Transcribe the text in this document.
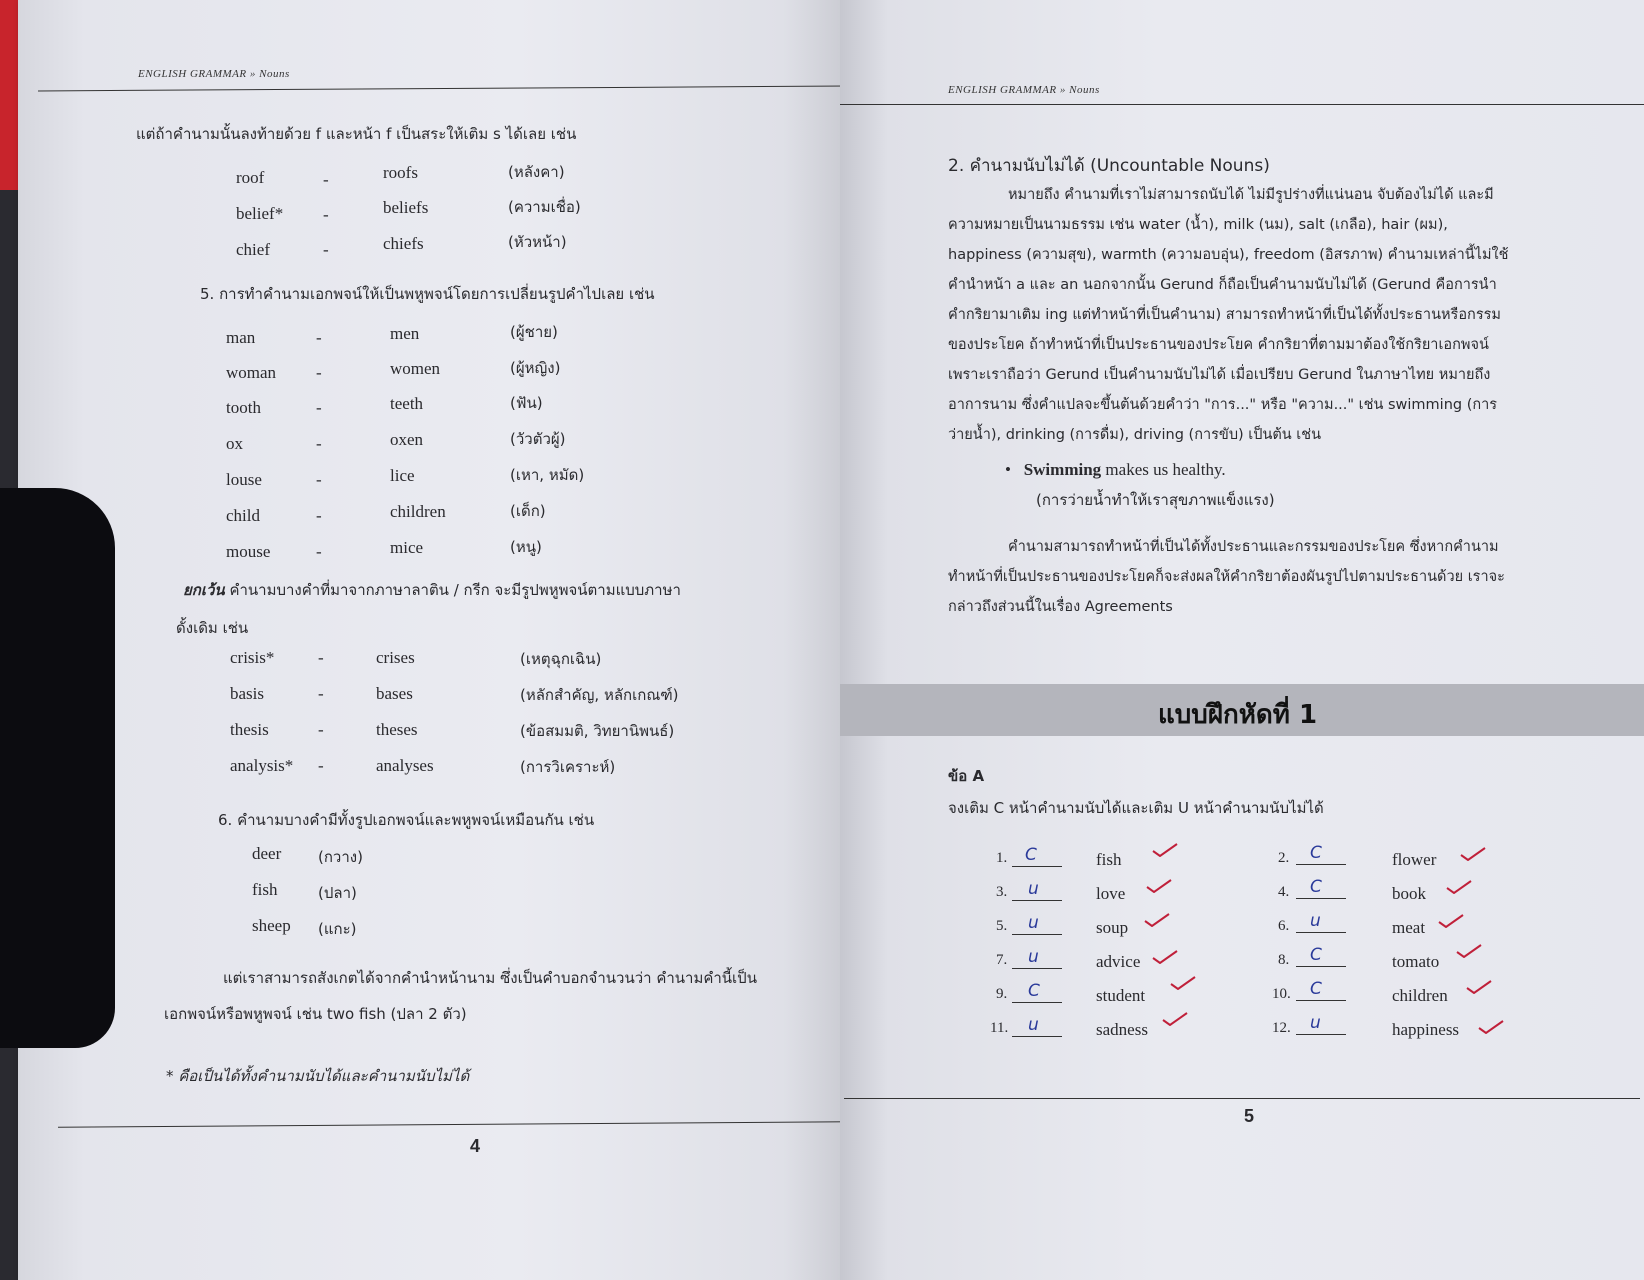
ENGLISH GRAMMAR » Nouns
แต่ถ้าคำนามนั้นลงท้ายด้วย f และหน้า f เป็นสระให้เติม s ได้เลย เช่น
roof	-	roofs	(หลังคา)
belief* -	beliefs	(ความเชื่อ)
chief	-	chiefs	(หัวหน้า)
5. การทำคำนามเอกพจน์ให้เป็นพหูพจน์โดยการเปลี่ยนรูปคำไปเลย เช่น
man	-	men	(ผู้ชาย)
woman -	women	(ผู้หญิง)
tooth	-	teeth	(ฟัน)
ox	-	oxen	(วัวตัวผู้)
louse	-	lice	(เหา, หมัด)
child	-	children	(เด็ก)
mouse	-	mice	(หนู)
ยกเว้น คำนามบางคำที่มาจากภาษาลาติน / กรีก จะมีรูปพหูพจน์ตามแบบภาษา
ดั้งเดิม เช่น
crisis*	-	crises	(เหตุฉุกเฉิน)
basis	-	bases	(หลักสำคัญ, หลักเกณฑ์)
thesis	-	theses	(ข้อสมมติ, วิทยานิพนธ์)
analysis* -	analyses	(การวิเคราะห์)
6. คำนามบางคำมีทั้งรูปเอกพจน์และพหูพจน์เหมือนกัน เช่น
deer (กวาง)
fish	(ปลา)
sheep (แกะ)
แต่เราสามารถสังเกตได้จากคำนำหน้านาม ซึ่งเป็นคำบอกจำนวนว่า คำนามคำนี้เป็น
เอกพจน์หรือพหูพจน์ เช่น two fish (ปลา 2 ตัว)
* คือเป็นได้ทั้งคำนามนับได้และคำนามนับไม่ได้
4
ENGLISH GRAMMAR » Nouns
2. คำนามนับไม่ได้ (Uncountable Nouns)

หมายถึง คำนามที่เราไม่สามารถนับได้ ไม่มีรูปร่างที่แน่นอน จับต้องไม่ได้ และมี

ความหมายเป็นนามธรรม เช่น water (น้ำ), milk (นม), salt (เกลือ), hair (ผม),

happiness (ความสุข), warmth (ความอบอุ่น), freedom (อิสรภาพ) คำนามเหล่านี้ไม่ใช้

คำนำหน้า a และ an นอกจากนั้น Gerund ก็ถือเป็นคำนามนับไม่ได้ (Gerund คือการนำ

คำกริยามาเติม ing แต่ทำหน้าที่เป็นคำนาม) สามารถทำหน้าที่เป็นได้ทั้งประธานหรือกรรม

ของประโยค ถ้าทำหน้าที่เป็นประธานของประโยค คำกริยาที่ตามมาต้องใช้กริยาเอกพจน์

เพราะเราถือว่า Gerund เป็นคำนามนับไม่ได้ เมื่อเปรียบ Gerund ในภาษาไทย หมายถึง

อาการนาม ซึ่งคำแปลจะขึ้นต้นด้วยคำว่า "การ..." หรือ "ความ..." เช่น swimming (การ

ว่ายน้ำ), drinking (การดื่ม), driving (การขับ) เป็นต้น เช่น

•   Swimming makes us healthy.
(การว่ายน้ำทำให้เราสุขภาพแข็งแรง)

คำนามสามารถทำหน้าที่เป็นได้ทั้งประธานและกรรมของประโยค ซึ่งหากคำนาม

ทำหน้าที่เป็นประธานของประโยคก็จะส่งผลให้คำกริยาต้องผันรูปไปตามประธานด้วย เราจะ

กล่าวถึงส่วนนี้ในเรื่อง Agreements

แบบฝึกหัดที่ 1
ข้อ A
จงเติม C หน้าคำนามนับได้และเติม U หน้าคำนามนับไม่ได้
1. C	fish	2. C	flower
3. u	love	4. C	book
5. u	soup	6. u	meat
7. u	advice	8. C	tomato
9. C	student	10. C	children
11. u	sadness	12. u	happiness
5
